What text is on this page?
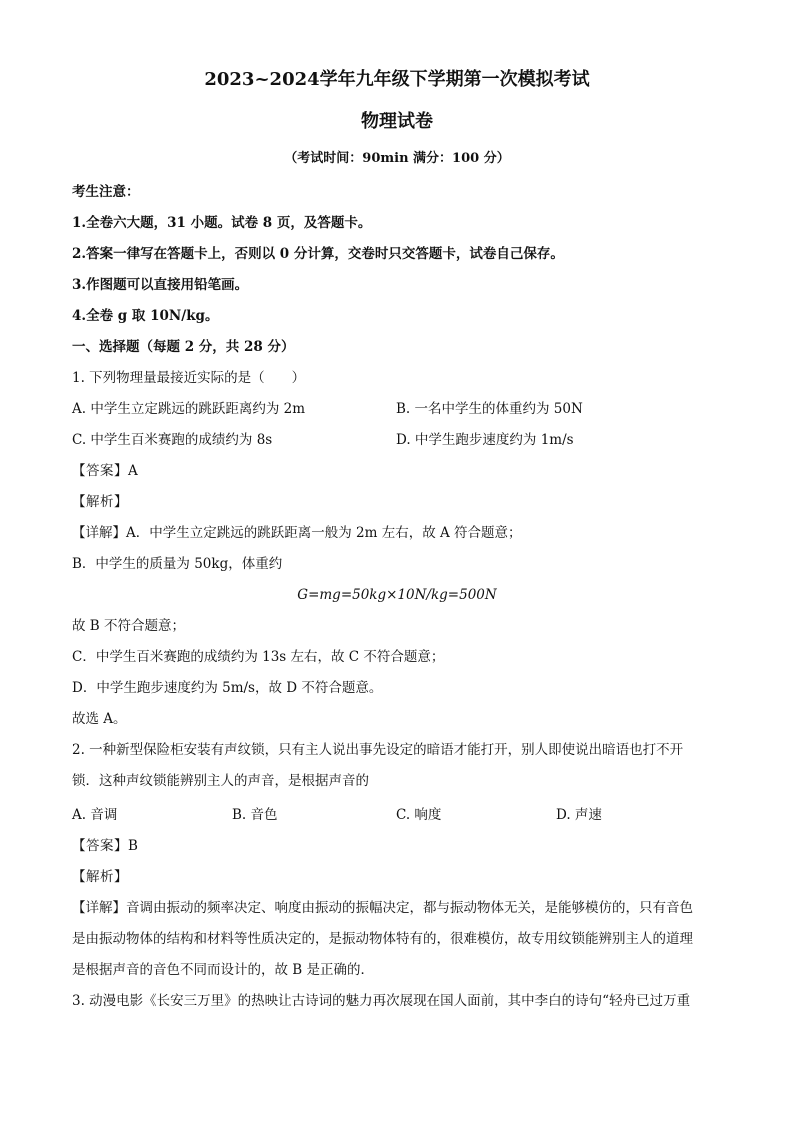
2023~2024学年九年级下学期第一次模拟考试
物理试卷
（考试时间：90min 满分：100 分）
考生注意：
1.全卷六大题，31 小题。试卷 8 页，及答题卡。
2.答案一律写在答题卡上，否则以 0 分计算，交卷时只交答题卡，试卷自己保存。
3.作图题可以直接用铅笔画。
4.全卷 g 取 10N/kg。
一、选择题（每题 2 分，共 28 分）
1. 下列物理量最接近实际的是（　　）
A. 中学生立定跳远的跳跃距离约为 2m	B. 一名中学生的体重约为 50N
C. 中学生百米赛跑的成绩约为 8s	D. 中学生跑步速度约为 1m/s
【答案】A
【解析】
【详解】A．中学生立定跳远的跳跃距离一般为 2m 左右，故 A 符合题意；
B．中学生的质量为 50kg，体重约
G=mg=50kg×10N/kg=500N
故 B 不符合题意；
C．中学生百米赛跑的成绩约为 13s 左右，故 C 不符合题意；
D．中学生跑步速度约为 5m/s，故 D 不符合题意。
故选 A。
2. 一种新型保险柜安装有声纹锁，只有主人说出事先设定的暗语才能打开，别人即使说出暗语也打不开
锁．这种声纹锁能辨别主人的声音，是根据声音的
A. 音调	B. 音色	C. 响度	D. 声速
【答案】B
【解析】
【详解】音调由振动的频率决定、响度由振动的振幅决定，都与振动物体无关，是能够模仿的，只有音色
是由振动物体的结构和材料等性质决定的，是振动物体特有的，很难模仿，故专用纹锁能辨别主人的道理
是根据声音的音色不同而设计的，故 B 是正确的．
3. 动漫电影《长安三万里》的热映让古诗词的魅力再次展现在国人面前，其中李白的诗句“轻舟已过万重
